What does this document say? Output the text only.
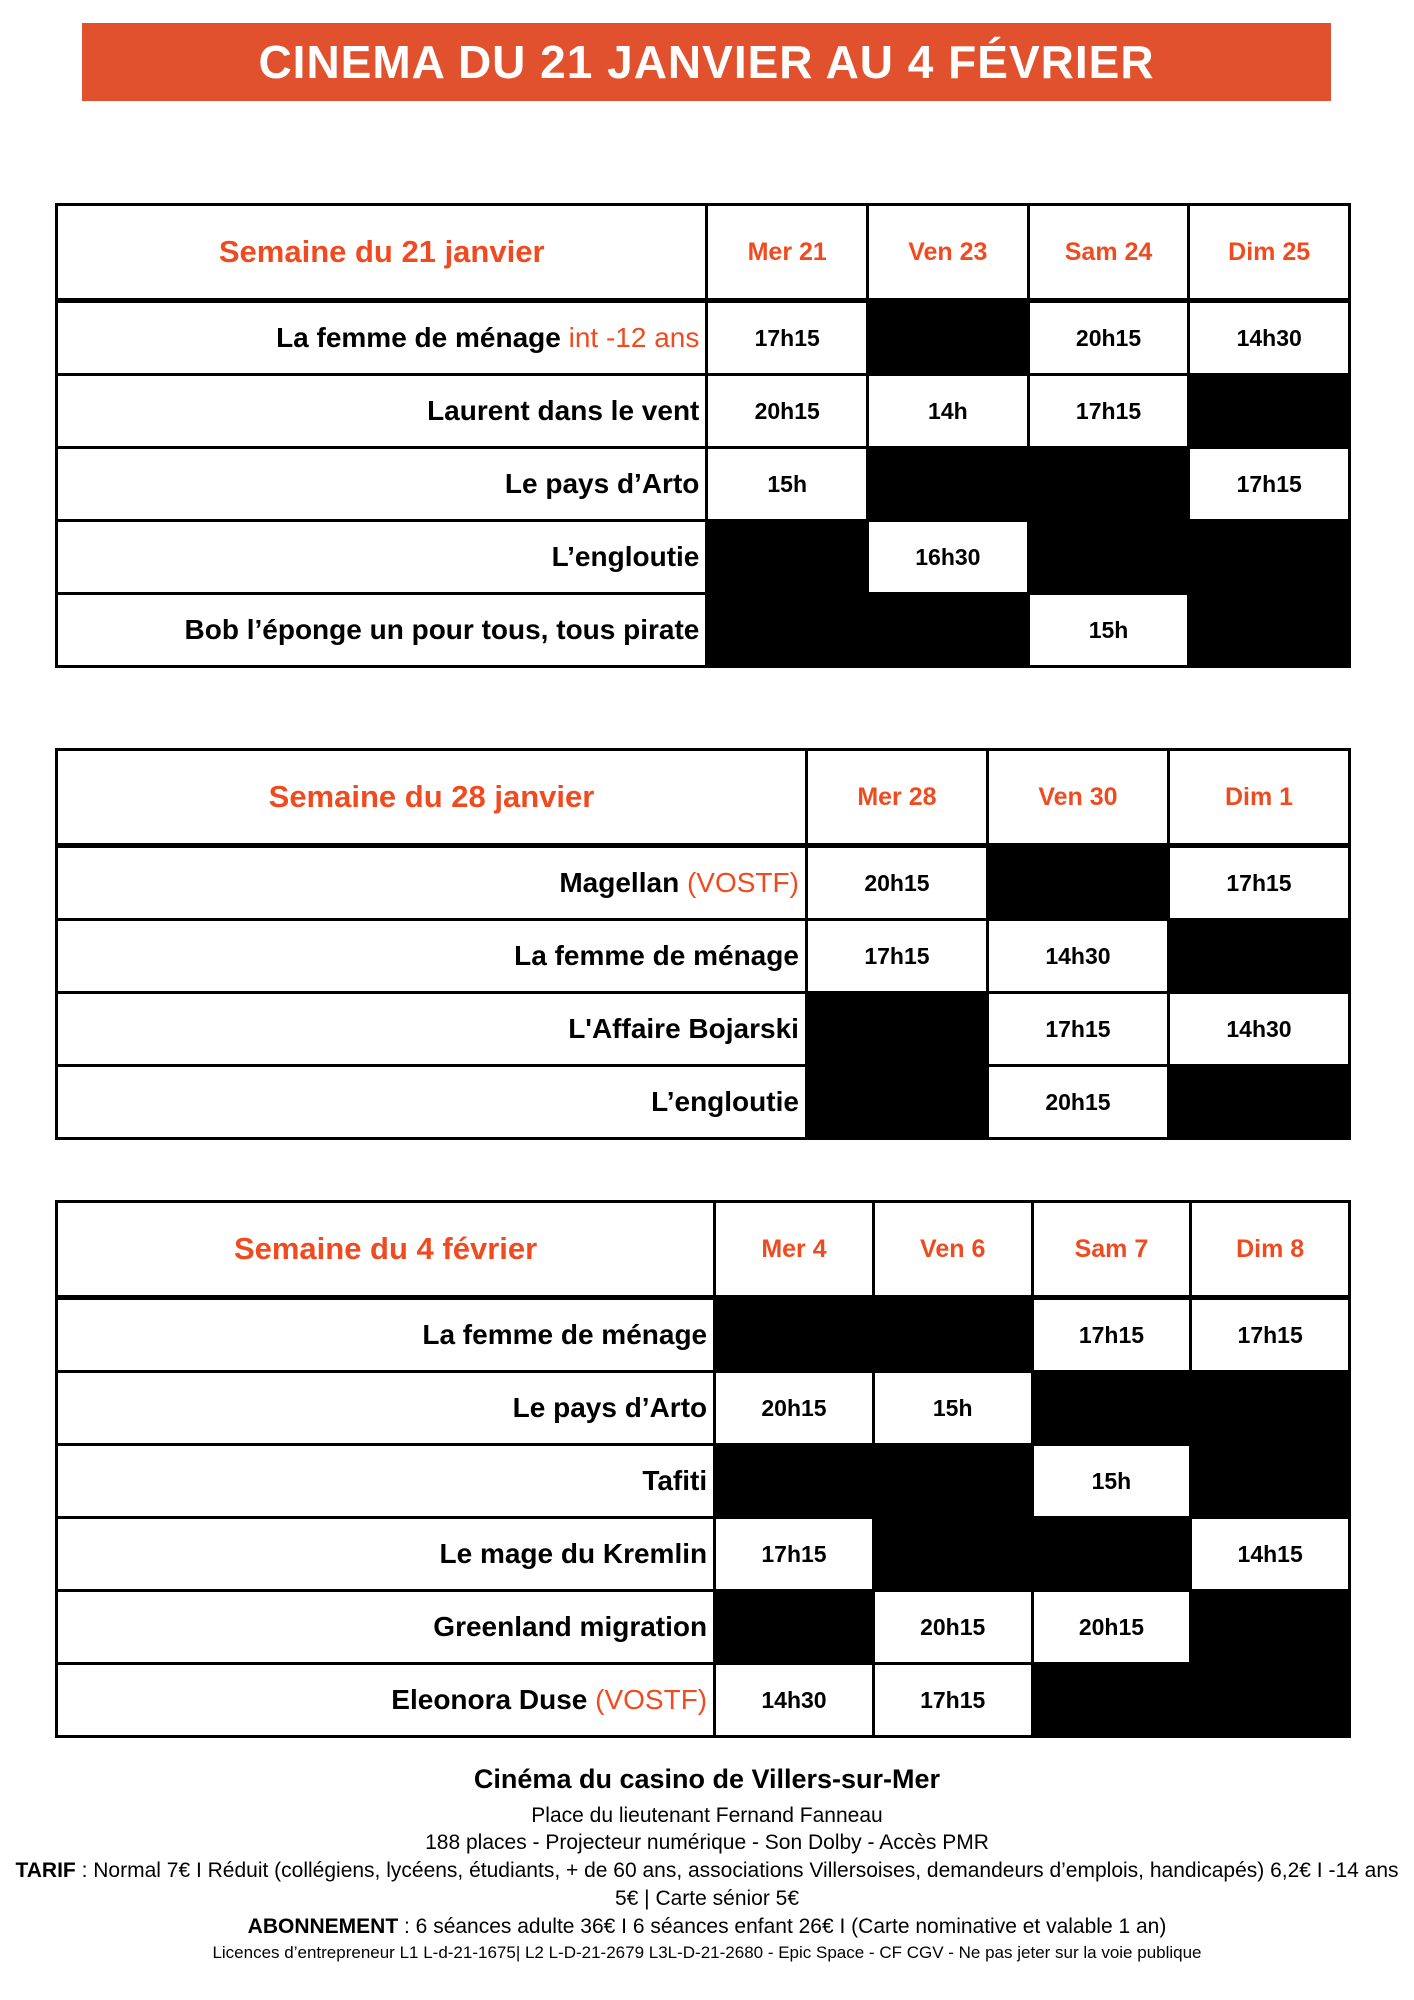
CINEMA DU 21 JANVIER AU 4 FÉVRIER
Semaine du 21 janvier	Mer 21	Ven 23	Sam 24	Dim 25
La femme de ménage int -12 ans	17h15		20h15	14h30
Laurent dans le vent	20h15	14h	17h15	
Le pays d’Arto	15h			17h15
L’engloutie		16h30		
Bob l’éponge un pour tous, tous pirate			15h	
Semaine du 28 janvier	Mer 28	Ven 30	Dim 1
Magellan (VOSTF)	20h15		17h15
La femme de ménage	17h15	14h30	
L'Affaire Bojarski		17h15	14h30
L’engloutie		20h15	
Semaine du 4 février	Mer 4	Ven 6	Sam 7	Dim 8
La femme de ménage			17h15	17h15
Le pays d’Arto	20h15	15h		
Tafiti			15h	
Le mage du Kremlin	17h15			14h15
Greenland migration		20h15	20h15	
Eleonora Duse (VOSTF)	14h30	17h15		
Cinéma du casino de Villers-sur-Mer
Place du lieutenant Fernand Fanneau
188 places - Projecteur numérique - Son Dolby - Accès PMR
TARIF : Normal 7€ I Réduit (collégiens, lycéens, étudiants, + de 60 ans, associations Villersoises, demandeurs d’emplois, handicapés) 6,2€ I -14 ans 5€ | Carte sénior 5€
ABONNEMENT : 6 séances adulte 36€ I 6 séances enfant 26€ I (Carte nominative et valable 1 an)
Licences d’entrepreneur L1 L-d-21-1675| L2 L-D-21-2679 L3L-D-21-2680 - Epic Space - CF CGV - Ne pas jeter sur la voie publique
